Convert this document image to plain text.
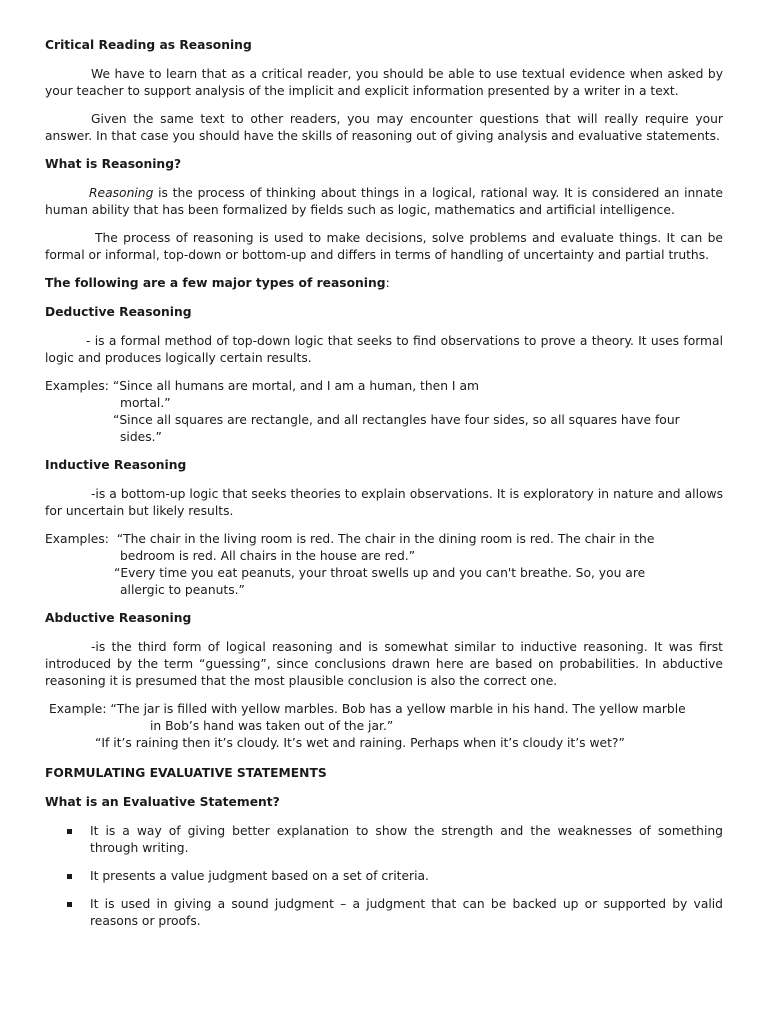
Critical Reading as Reasoning

We have to learn that as a critical reader, you should be able to use textual evidence when asked by your teacher to support analysis of the implicit and explicit information presented by a writer in a text.

Given the same text to other readers, you may encounter questions that will really require your answer. In that case you should have the skills of reasoning out of giving analysis and evaluative statements.

What is Reasoning?

Reasoning is the process of thinking about things in a logical, rational way. It is considered an innate human ability that has been formalized by fields such as logic, mathematics and artificial intelligence.

The process of reasoning is used to make decisions, solve problems and evaluate things. It can be formal or informal, top-down or bottom-up and differs in terms of handling of uncertainty and partial truths.

The following are a few major types of reasoning:

Deductive Reasoning

- is a formal method of top-down logic that seeks to find observations to prove a theory. It uses formal logic and produces logically certain results.

Examples: “Since all humans are mortal, and I am a human, then I am
mortal.”
“Since all squares are rectangle, and all rectangles have four sides, so all squares have four
sides.”

Inductive Reasoning

-is a bottom-up logic that seeks theories to explain observations. It is exploratory in nature and allows for uncertain but likely results.

Examples: “The chair in the living room is red. The chair in the dining room is red. The chair in the
bedroom is red. All chairs in the house are red.”
“Every time you eat peanuts, your throat swells up and you can't breathe. So, you are
allergic to peanuts.”

Abductive Reasoning

-is the third form of logical reasoning and is somewhat similar to inductive reasoning. It was first introduced by the term “guessing”, since conclusions drawn here are based on probabilities. In abductive reasoning it is presumed that the most plausible conclusion is also the correct one.

Example: “The jar is filled with yellow marbles. Bob has a yellow marble in his hand. The yellow marble
in Bob’s hand was taken out of the jar.”
“If it’s raining then it’s cloudy. It’s wet and raining. Perhaps when it’s cloudy it’s wet?”

FORMULATING EVALUATIVE STATEMENTS

What is an Evaluative Statement?

It is a way of giving better explanation to show the strength and the weaknesses of something through writing.
It presents a value judgment based on a set of criteria.
It is used in giving a sound judgment – a judgment that can be backed up or supported by valid reasons or proofs.
